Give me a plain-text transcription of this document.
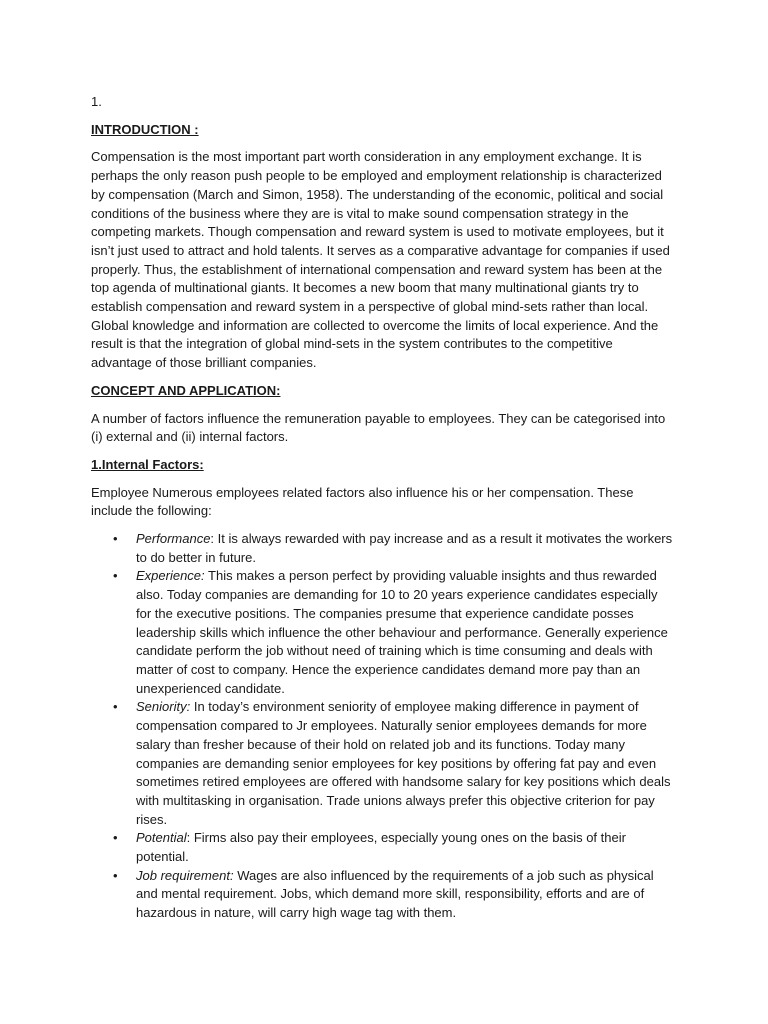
1.

INTRODUCTION :

Compensation is the most important part worth consideration in any employment exchange. It is perhaps the only reason push people to be employed and employment relationship is characterized by compensation (March and Simon, 1958). The understanding of the economic, political and social conditions of the business where they are is vital to make sound compensation strategy in the competing markets. Though compensation and reward system is used to motivate employees, but it isn’t just used to attract and hold talents. It serves as a comparative advantage for companies if used properly. Thus, the establishment of international compensation and reward system has been at the top agenda of multinational giants. It becomes a new boom that many multinational giants try to establish compensation and reward system in a perspective of global mind-sets rather than local. Global knowledge and information are collected to overcome the limits of local experience. And the result is that the integration of global mind-sets in the system contributes to the competitive advantage of those brilliant companies.

CONCEPT AND APPLICATION:

A number of factors influence the remuneration payable to employees. They can be categorised into (i) external and (ii) internal factors.

1.Internal Factors:

Employee Numerous employees related factors also influence his or her compensation. These include the following:

• Performance: It is always rewarded with pay increase and as a result it motivates the workers to do better in future.
• Experience: This makes a person perfect by providing valuable insights and thus rewarded also. Today companies are demanding for 10 to 20 years experience candidates especially for the executive positions. The companies presume that experience candidate posses leadership skills which influence the other behaviour and performance. Generally experience candidate perform the job without need of training which is time consuming and deals with matter of cost to company. Hence the experience candidates demand more pay than an unexperienced candidate.
• Seniority: In today’s environment seniority of employee making difference in payment of compensation compared to Jr employees. Naturally senior employees demands for more salary than fresher because of their hold on related job and its functions. Today many companies are demanding senior employees for key positions by offering fat pay and even sometimes retired employees are offered with handsome salary for key positions which deals with multitasking in organisation. Trade unions always prefer this objective criterion for pay rises.
• Potential: Firms also pay their employees, especially young ones on the basis of their potential.
• Job requirement: Wages are also influenced by the requirements of a job such as physical and mental requirement. Jobs, which demand more skill, responsibility, efforts and are of hazardous in nature, will carry high wage tag with them.
